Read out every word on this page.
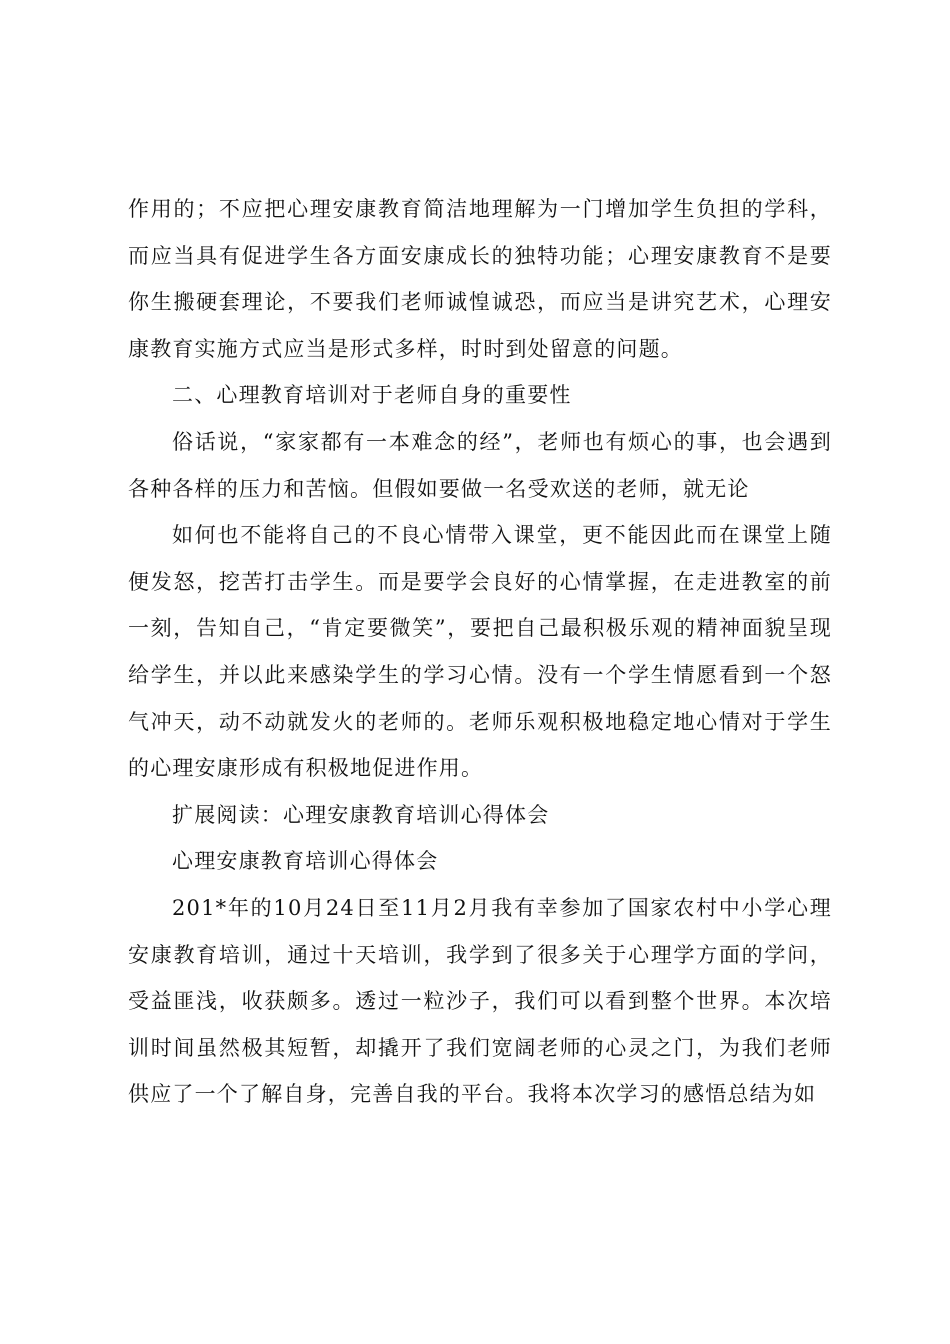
作用的；不应把心理安康教育简洁地理解为一门增加学生负担的学科，而应当具有促进学生各方面安康成长的独特功能；心理安康教育不是要你生搬硬套理论，不要我们老师诚惶诚恐，而应当是讲究艺术，心理安康教育实施方式应当是形式多样，时时到处留意的问题。

二、心理教育培训对于老师自身的重要性

俗话说，“家家都有一本难念的经”，老师也有烦心的事，也会遇到各种各样的压力和苦恼。但假如要做一名受欢送的老师，就无论

如何也不能将自己的不良心情带入课堂，更不能因此而在课堂上随便发怒，挖苦打击学生。而是要学会良好的心情掌握，在走进教室的前一刻，告知自己，“肯定要微笑”，要把自己最积极乐观的精神面貌呈现给学生，并以此来感染学生的学习心情。没有一个学生情愿看到一个怒气冲天，动不动就发火的老师的。老师乐观积极地稳定地心情对于学生的心理安康形成有积极地促进作用。

扩展阅读：心理安康教育培训心得体会

心理安康教育培训心得体会

201*年的10月24日至11月2月我有幸参加了国家农村中小学心理安康教育培训，通过十天培训，我学到了很多关于心理学方面的学问，受益匪浅，收获颇多。透过一粒沙子，我们可以看到整个世界。本次培训时间虽然极其短暂，却撬开了我们宽阔老师的心灵之门，为我们老师供应了一个了解自身，完善自我的平台。我将本次学习的感悟总结为如
